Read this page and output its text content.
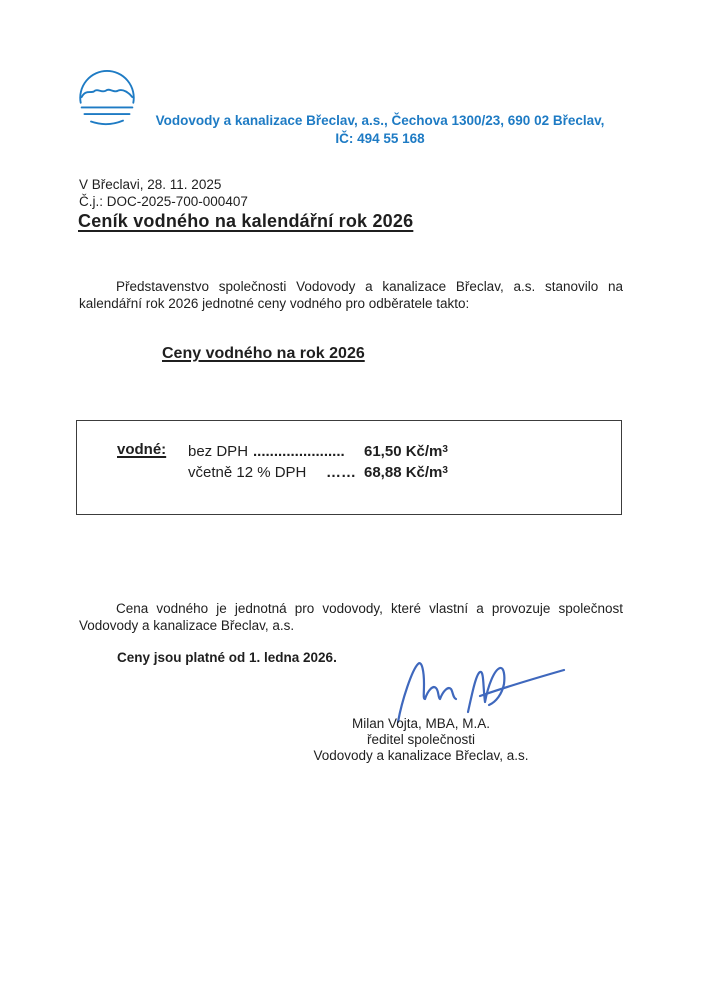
Vodovody a kanalizace Břeclav, a.s., Čechova 1300/23, 690 02 Břeclav,
IČ: 494 55 168
V Břeclavi, 28. 11. 2025
Č.j.: DOC-2025-700-000407
Ceník vodného na kalendářní rok 2026

Představenstvo společnosti Vodovody a kanalizace Břeclav, a.s. stanovilo na kalendářní rok 2026 jednotné ceny vodného pro odběratele takto:

Ceny vodného na rok 2026
vodné: bez DPH ...................... 61,50 $Kč/m^3$
včetně 12 % DPH …… 68,88 $Kč/m^3$

Cena vodného je jednotná pro vodovody, které vlastní a provozuje společnost Vodovody a kanalizace Břeclav, a.s.

Ceny jsou platné od 1. ledna 2026.
Milan Vojta, MBA, M.A.
ředitel společnosti
Vodovody a kanalizace Břeclav, a.s.
